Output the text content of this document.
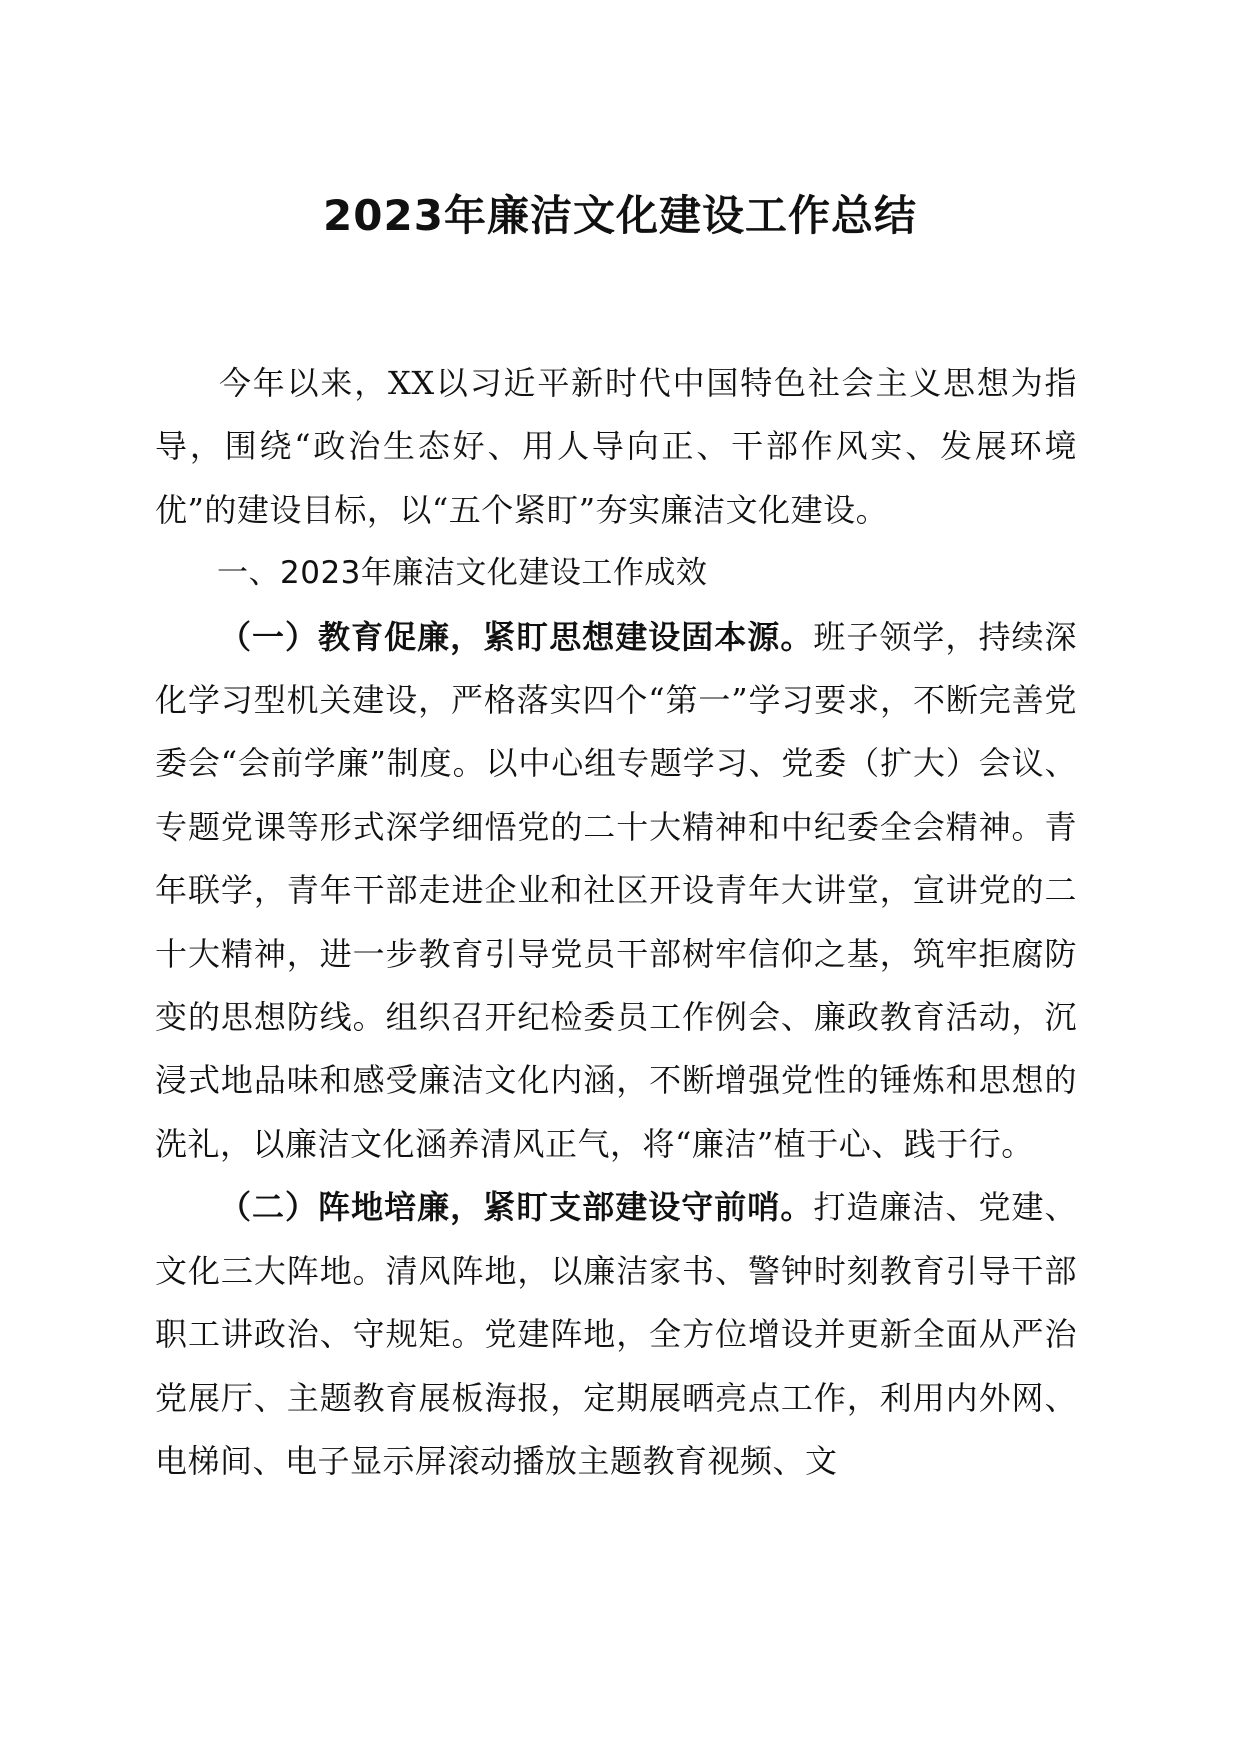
2023年廉洁文化建设工作总结

今年以来，XX以习近平新时代中国特色社会主义思想为指导，围绕“政治生态好、用人导向正、干部作风实、发展环境优”的建设目标，以“五个紧盯”夯实廉洁文化建设。

一、2023年廉洁文化建设工作成效

（一）教育促廉，紧盯思想建设固本源。班子领学，持续深化学习型机关建设，严格落实四个“第一”学习要求，不断完善党委会“会前学廉”制度。以中心组专题学习、党委（扩大）会议、专题党课等形式深学细悟党的二十大精神和中纪委全会精神。青年联学，青年干部走进企业和社区开设青年大讲堂，宣讲党的二十大精神，进一步教育引导党员干部树牢信仰之基，筑牢拒腐防变的思想防线。组织召开纪检委员工作例会、廉政教育活动，沉浸式地品味和感受廉洁文化内涵，不断增强党性的锤炼和思想的洗礼，以廉洁文化涵养清风正气，将“廉洁”植于心、践于行。

（二）阵地培廉，紧盯支部建设守前哨。打造廉洁、党建、文化三大阵地。清风阵地，以廉洁家书、警钟时刻教育引导干部职工讲政治、守规矩。党建阵地，全方位增设并更新全面从严治党展厅、主题教育展板海报，定期展晒亮点工作，利用内外网、电梯间、电子显示屏滚动播放主题教育视频、文
